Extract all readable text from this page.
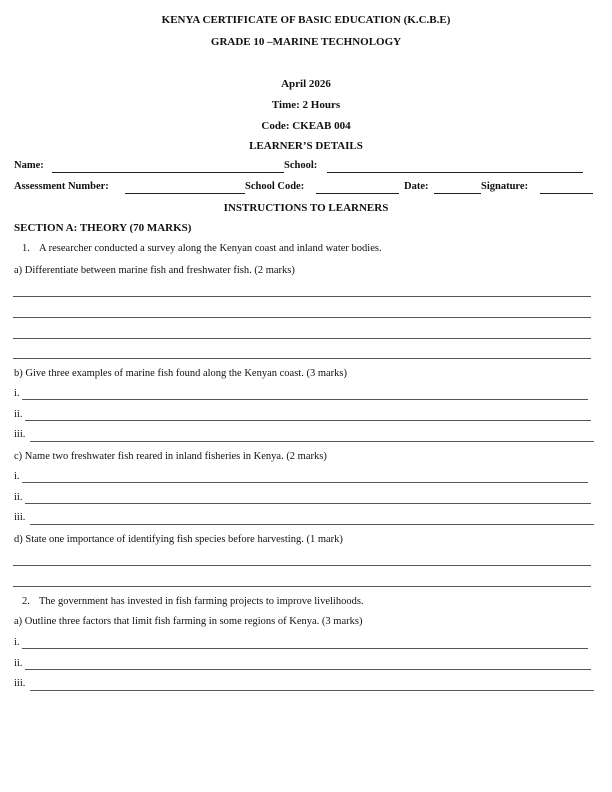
KENYA CERTIFICATE OF BASIC EDUCATION (K.C.B.E)
GRADE 10 –MARINE TECHNOLOGY
April 2026
Time: 2 Hours
Code: CKEAB 004
LEARNER’S DETAILS
Name:	School:
Assessment Number:	School Code:	Date:	Signature:
INSTRUCTIONS TO LEARNERS
SECTION A: THEORY (70 MARKS)
1. A researcher conducted a survey along the Kenyan coast and inland water bodies.
a) Differentiate between marine fish and freshwater fish. (2 marks)
b) Give three examples of marine fish found along the Kenyan coast. (3 marks)
i.
ii.
iii.
c) Name two freshwater fish reared in inland fisheries in Kenya. (2 marks)
i.
ii.
iii.
d) State one importance of identifying fish species before harvesting. (1 mark)
2. The government has invested in fish farming projects to improve livelihoods.
a) Outline three factors that limit fish farming in some regions of Kenya. (3 marks)
i.
ii.
iii.
